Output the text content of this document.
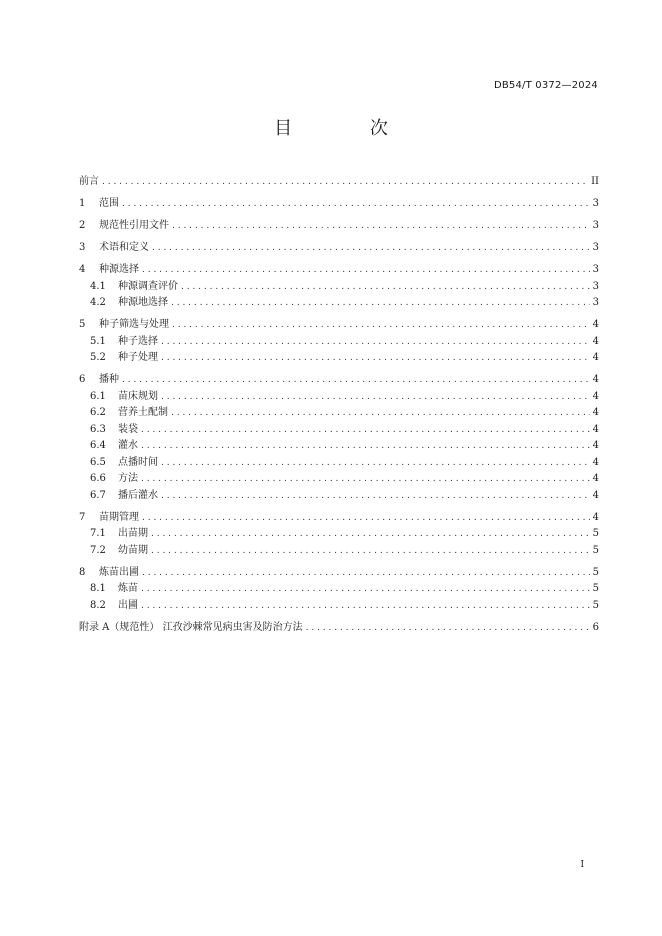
DB54/T 0372—2024
目 次
前言 . . .	II
1	范围 . . .	3
2	规范性引用文件 . . .	3
3	术语和定义 . . .	3
4	种源选择 . . .	3
4.1	种源调查评价 . . .	3
4.2	种源地选择 . . .	3
5	种子筛选与处理 . . .	4
5.1	种子选择 . . .	4
5.2	种子处理 . . .	4
6	播种 . . .	4
6.1	苗床规划 . . .	4
6.2	营养土配制 . . .	4
6.3	装袋 . . .	4
6.4	灌水 . . .	4
6.5	点播时间 . . .	4
6.6	方法 . . .	4
6.7	播后灌水 . . .	4
7	苗期管理 . . .	4
7.1	出苗期 . . .	5
7.2	幼苗期 . . .	5
8	炼苗出圃 . . .	5
8.1	炼苗 . . .	5
8.2	出圃 . . .	5
附录 A（规范性） 江孜沙棘常见病虫害及防治方法 . . .	6
I
